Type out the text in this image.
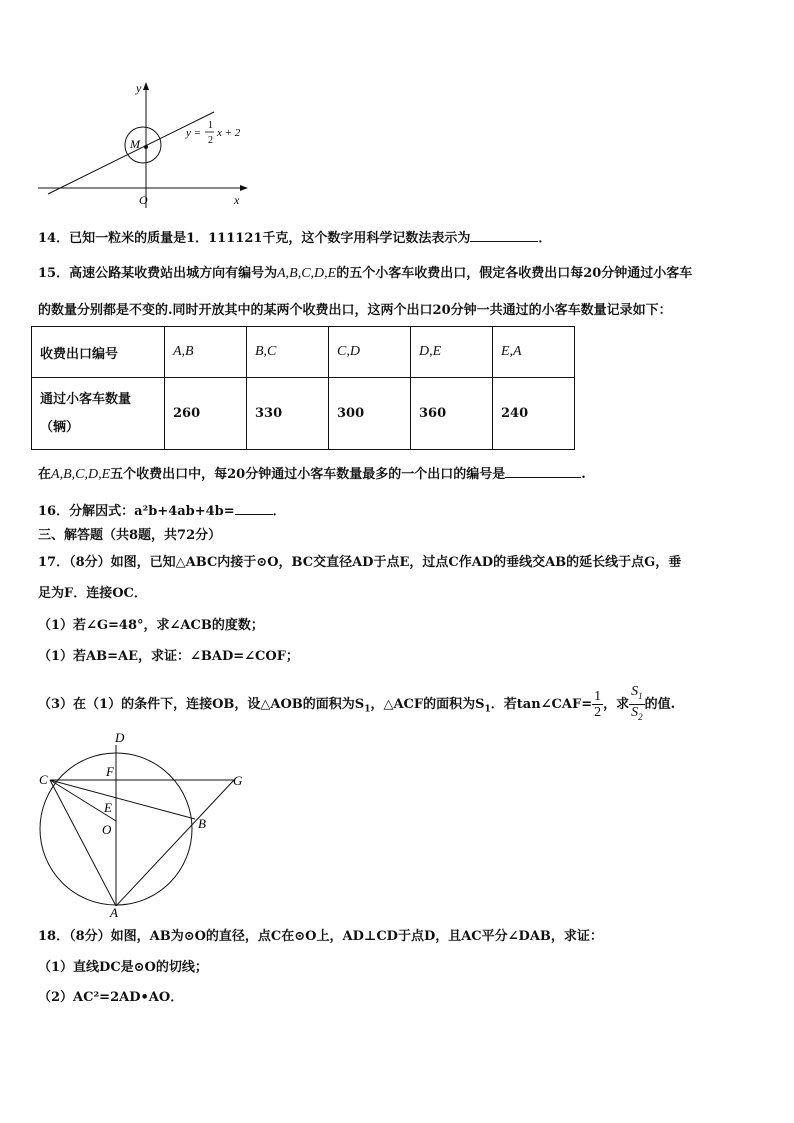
y
x
O
M
y =
1
2
x + 2
14．已知一粒米的质量是1．111121千克，这个数字用科学记数法表示为	．
15．高速公路某收费站出城方向有编号为A,B,C,D,E的五个小客车收费出口，假定各收费出口每20分钟通过小客车
的数量分别都是不变的.同时开放其中的某两个收费出口，这两个出口20分钟一共通过的小客车数量记录如下：
收费出口编号	A,B	B,C	C,D	D,E	E,A

通过小客车数量
（辆）	260	330	300	360	240
在A,B,C,D,E五个收费出口中，每20分钟通过小客车数量最多的一个出口的编号是	.
16．分解因式：a²b+4ab+4b=	．
三、解答题（共8题，共72分）
17．（8分）如图，已知△ABC内接于⊙O，BC交直径AD于点E，过点C作AD的垂线交AB的延长线于点G，垂
足为F．连接OC．
（1）若∠G=48°，求∠ACB的度数；
（1）若AB=AE，求证：∠BAD=∠COF；
（3）在（1）的条件下，连接OB，设△AOB的面积为$S_1$，△ACF的面积为$S_1$．若tan∠CAF= $\frac{1}{2}$ ，求 $\frac{S_1}{S_2}$ 的值.
D
C
F
G
E
O	B
A
18．（8分）如图，AB为⊙O的直径，点C在⊙O上，AD⊥CD于点D，且AC平分∠DAB，求证：
（1）直线DC是⊙O的切线；
（2）AC²=2AD•AO．
